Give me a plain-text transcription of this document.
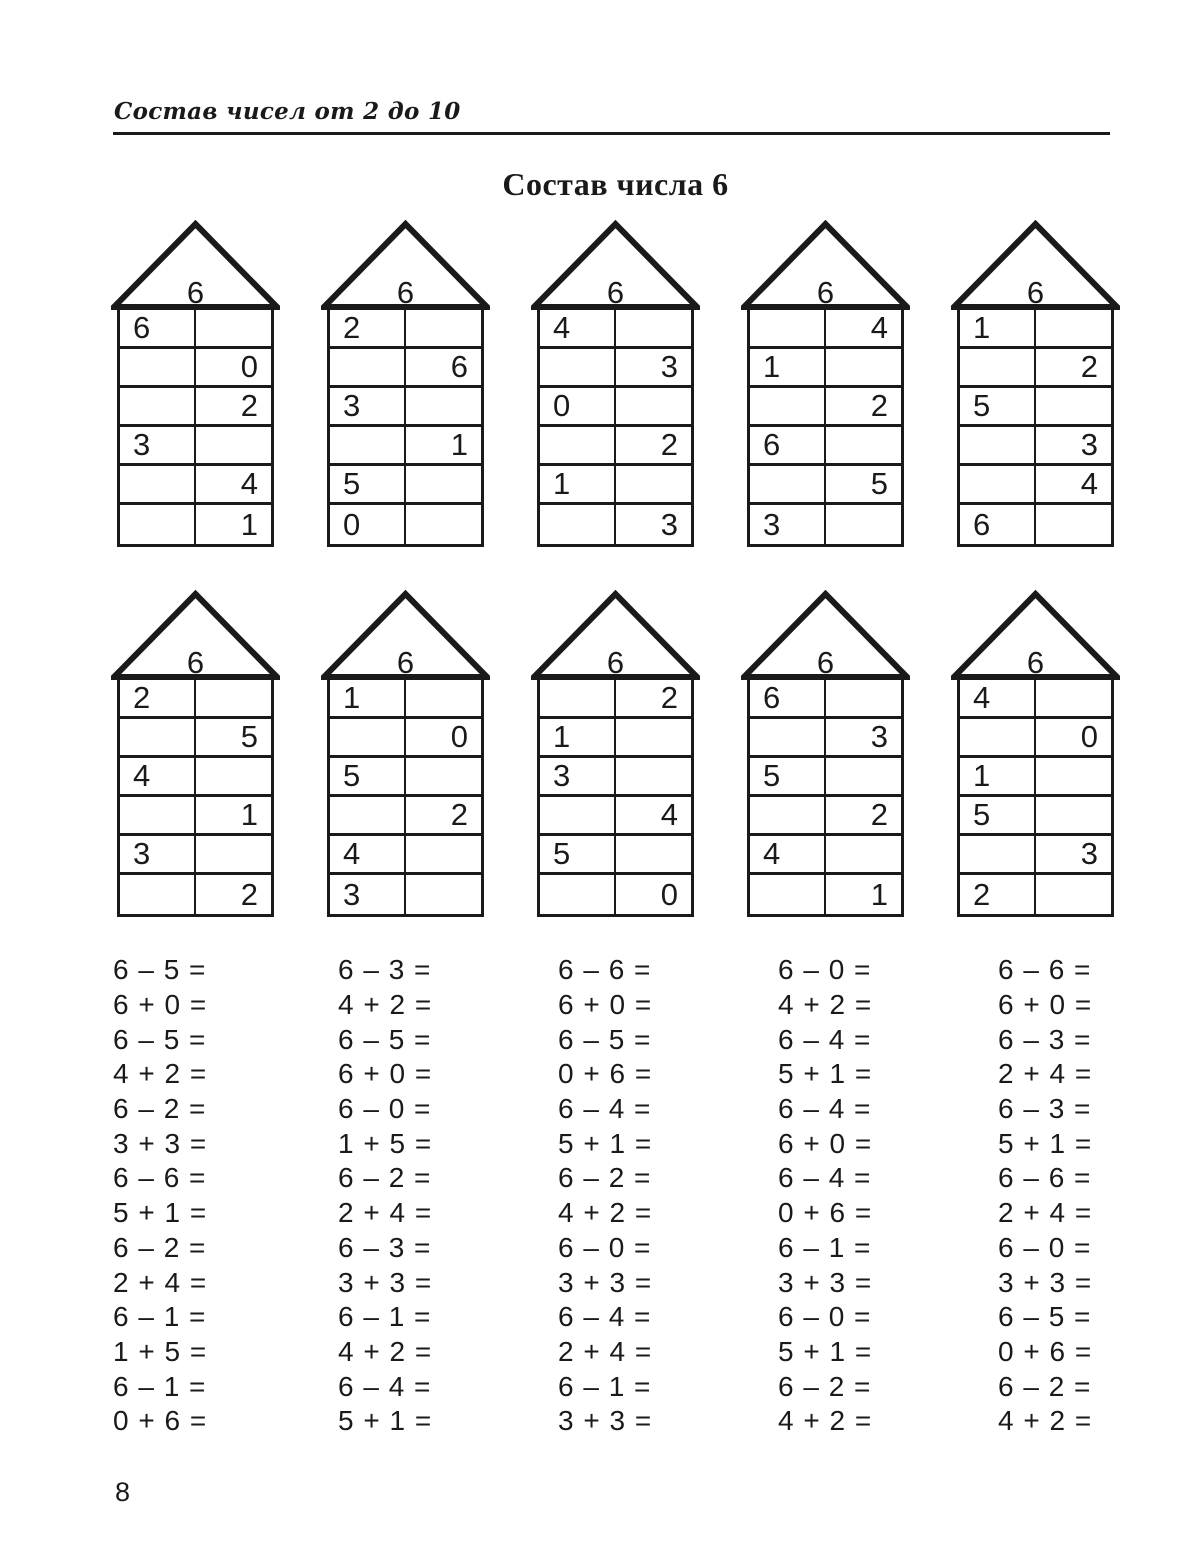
Состав чисел от 2 до 10
Состав числа 6
6
6
0
2
3
4
1
6
2
6
3
1
5
0
6
4
3
0
2
1
3
6
4
1
2
6
5
3
6
1
2
5
3
4
6
6
2
5
4
1
3
2
6
1
0
5
2
4
3
6
2
1
3
4
5
0
6
6
3
5
2
4
1
6
4
0
1
5
3
2
6 – 5 =
6 + 0 =
6 – 5 =
4 + 2 =
6 – 2 =
3 + 3 =
6 – 6 =
5 + 1 =
6 – 2 =
2 + 4 =
6 – 1 =
1 + 5 =
6 – 1 =
0 + 6 =
6 – 3 =
4 + 2 =
6 – 5 =
6 + 0 =
6 – 0 =
1 + 5 =
6 – 2 =
2 + 4 =
6 – 3 =
3 + 3 =
6 – 1 =
4 + 2 =
6 – 4 =
5 + 1 =
6 – 6 =
6 + 0 =
6 – 5 =
0 + 6 =
6 – 4 =
5 + 1 =
6 – 2 =
4 + 2 =
6 – 0 =
3 + 3 =
6 – 4 =
2 + 4 =
6 – 1 =
3 + 3 =
6 – 0 =
4 + 2 =
6 – 4 =
5 + 1 =
6 – 4 =
6 + 0 =
6 – 4 =
0 + 6 =
6 – 1 =
3 + 3 =
6 – 0 =
5 + 1 =
6 – 2 =
4 + 2 =
6 – 6 =
6 + 0 =
6 – 3 =
2 + 4 =
6 – 3 =
5 + 1 =
6 – 6 =
2 + 4 =
6 – 0 =
3 + 3 =
6 – 5 =
0 + 6 =
6 – 2 =
4 + 2 =
8
